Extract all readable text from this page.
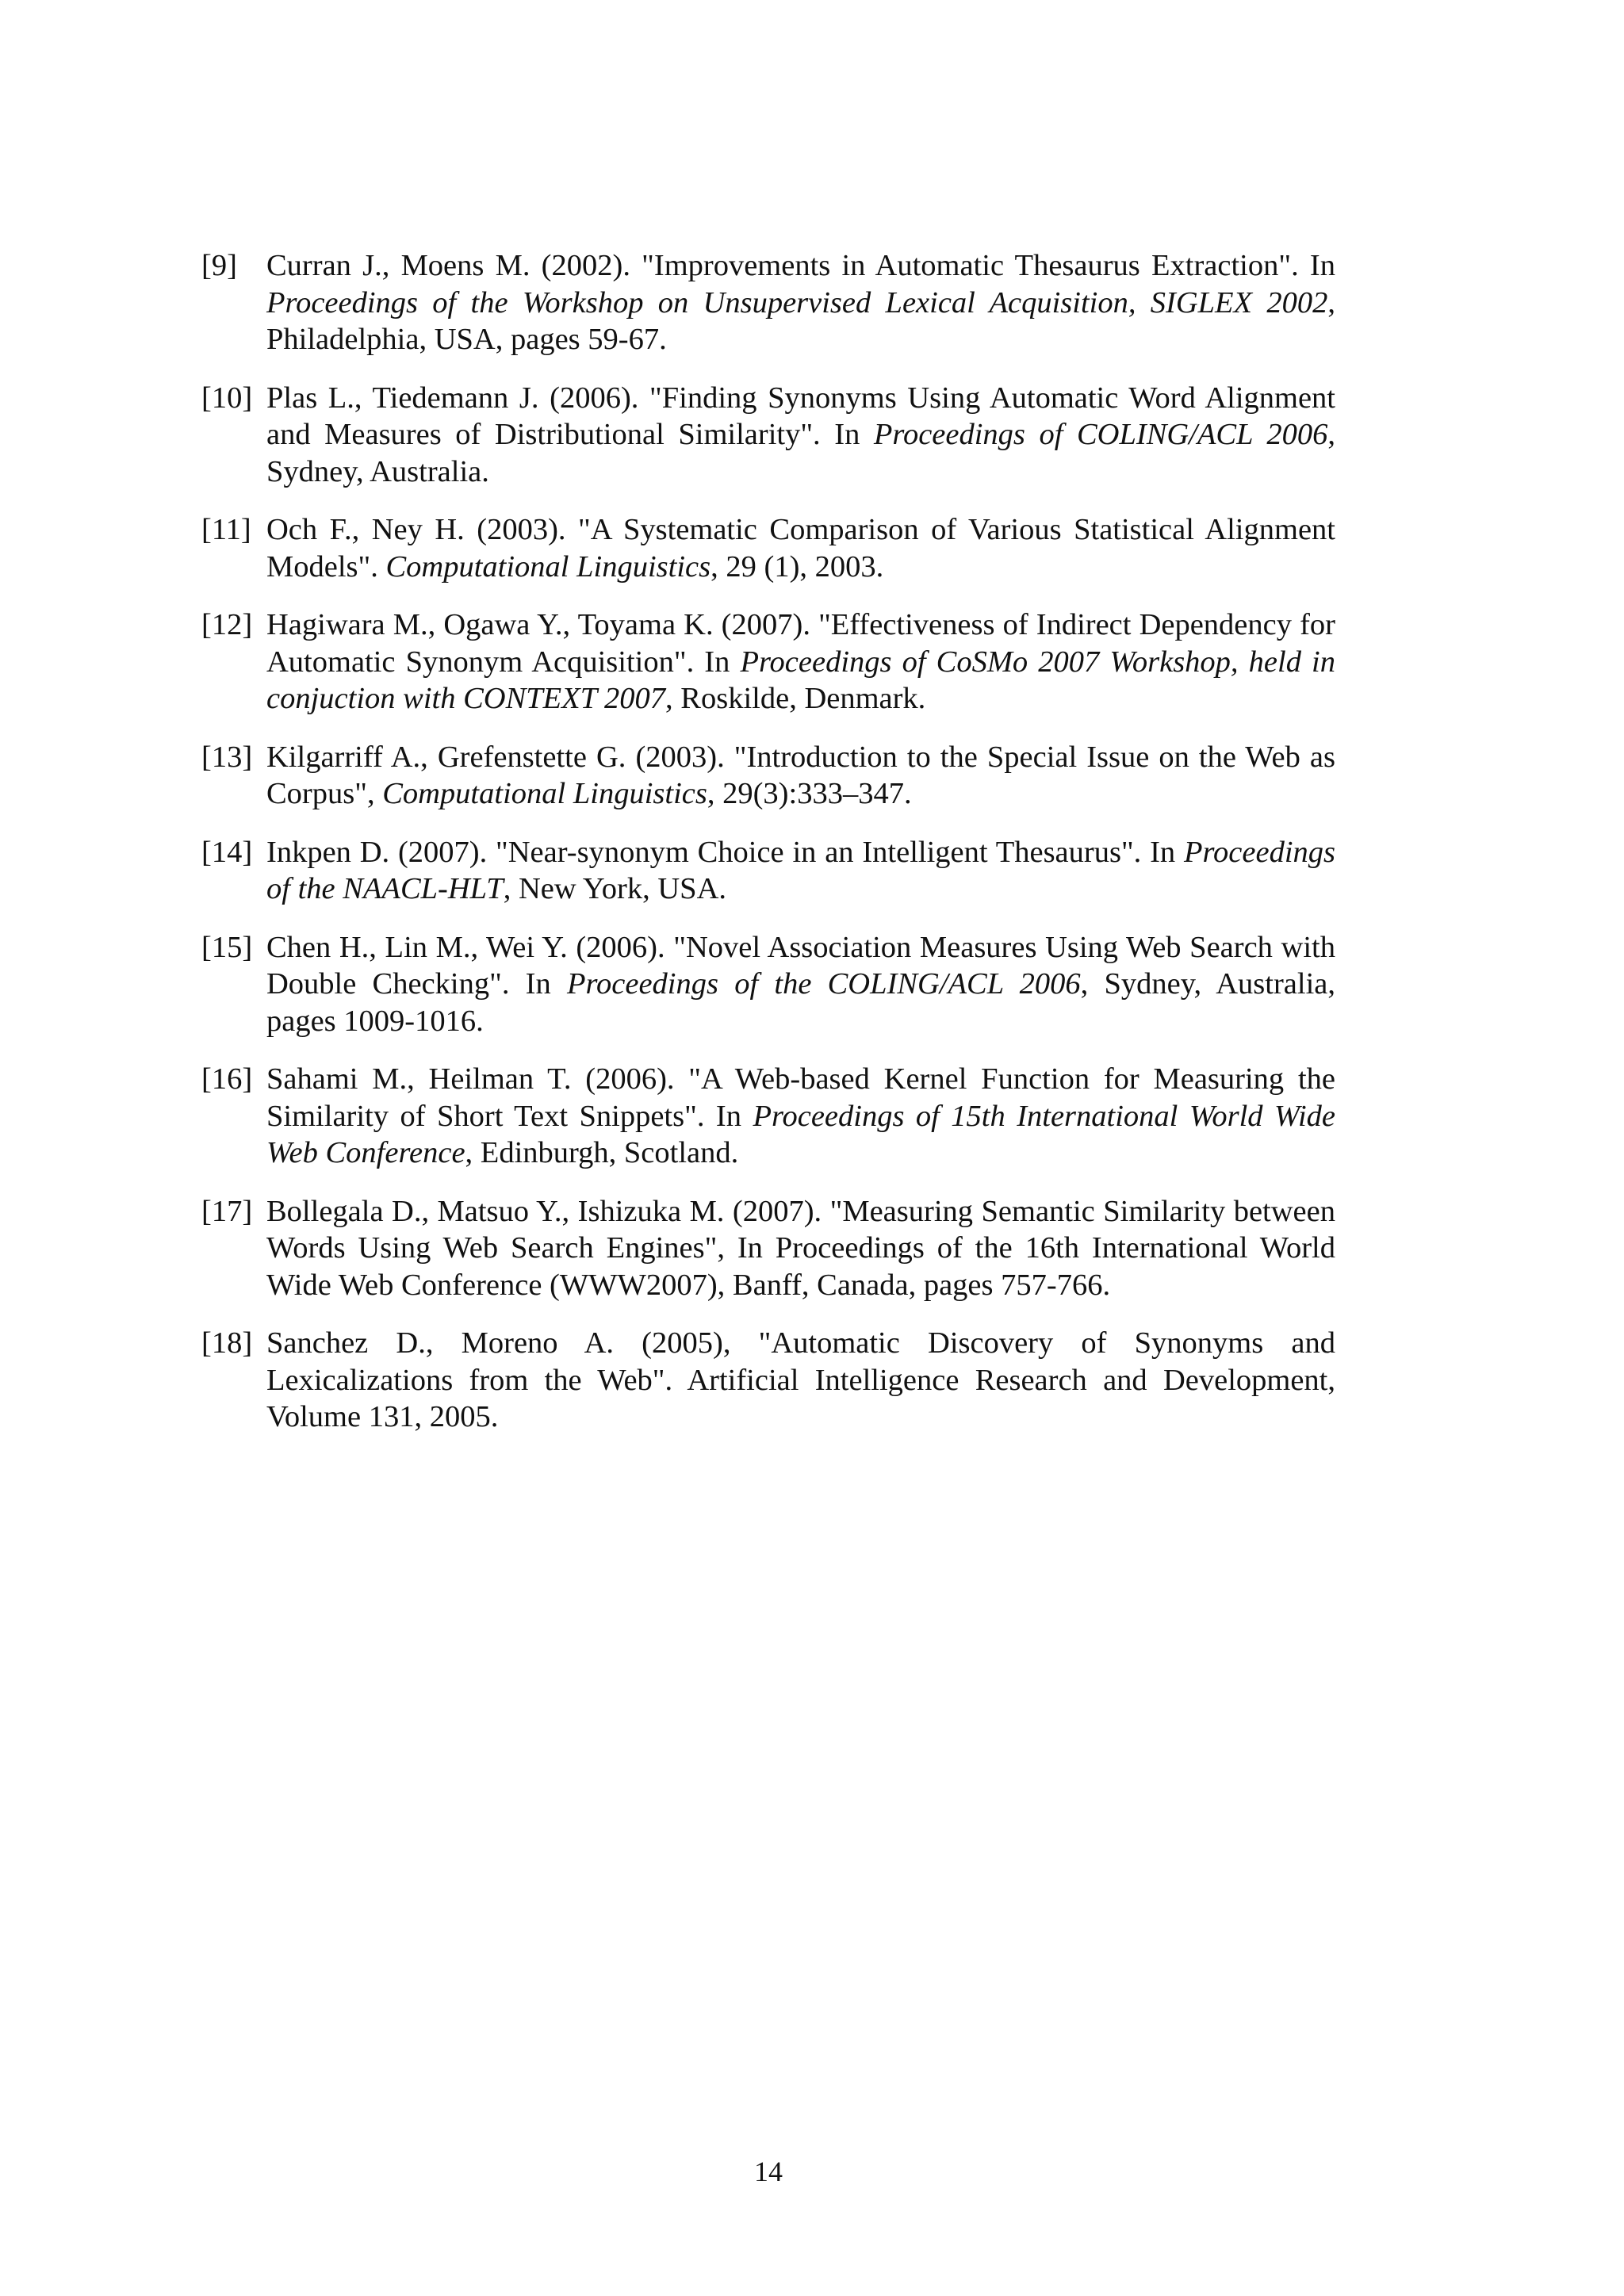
[9] Curran J., Moens M. (2002). "Improvements in Automatic Thesaurus Extraction". In Proceedings of the Workshop on Unsupervised Lexical Acquisition, SIGLEX 2002, Philadelphia, USA, pages 59-67.
[10] Plas L., Tiedemann J. (2006). "Finding Synonyms Using Automatic Word Alignment and Measures of Distributional Similarity". In Proceedings of COLING/ACL 2006, Sydney, Australia.
[11] Och F., Ney H. (2003). "A Systematic Comparison of Various Statistical Alignment Models". Computational Linguistics, 29 (1), 2003.
[12] Hagiwara M., Ogawa Y., Toyama K. (2007). "Effectiveness of Indirect Dependency for Automatic Synonym Acquisition". In Proceedings of CoSMo 2007 Workshop, held in conjuction with CONTEXT 2007, Roskilde, Denmark.
[13] Kilgarriff A., Grefenstette G. (2003). "Introduction to the Special Issue on the Web as Corpus", Computational Linguistics, 29(3):333–347.
[14] Inkpen D. (2007). "Near-synonym Choice in an Intelligent Thesaurus". In Proceedings of the NAACL-HLT, New York, USA.
[15] Chen H., Lin M., Wei Y. (2006). "Novel Association Measures Using Web Search with Double Checking". In Proceedings of the COLING/ACL 2006, Sydney, Australia, pages 1009-1016.
[16] Sahami M., Heilman T. (2006). "A Web-based Kernel Function for Measuring the Similarity of Short Text Snippets". In Proceedings of 15th International World Wide Web Conference, Edinburgh, Scotland.
[17] Bollegala D., Matsuo Y., Ishizuka M. (2007). "Measuring Semantic Similarity between Words Using Web Search Engines", In Proceedings of the 16th International World Wide Web Conference (WWW2007), Banff, Canada, pages 757-766.
[18] Sanchez D., Moreno A. (2005), "Automatic Discovery of Synonyms and Lexicalizations from the Web". Artificial Intelligence Research and Development, Volume 131, 2005.
14
